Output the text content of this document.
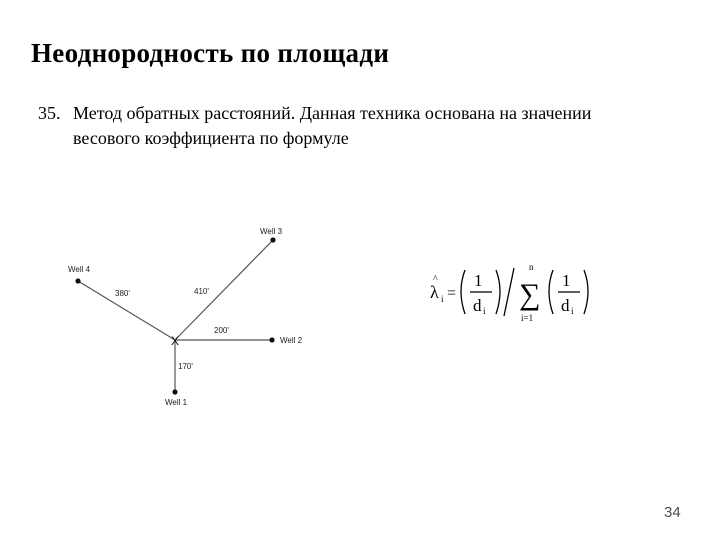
Неоднородность по площади
35. Метод обратных расстояний. Данная техника основана на значении
весового коэффициента по формуле
Well 1
Well 2
Well 3
Well 4
X
170'
200'
410'
380'	λ
^
i =
1
d i
n
∑
i=1
1
d i
34
